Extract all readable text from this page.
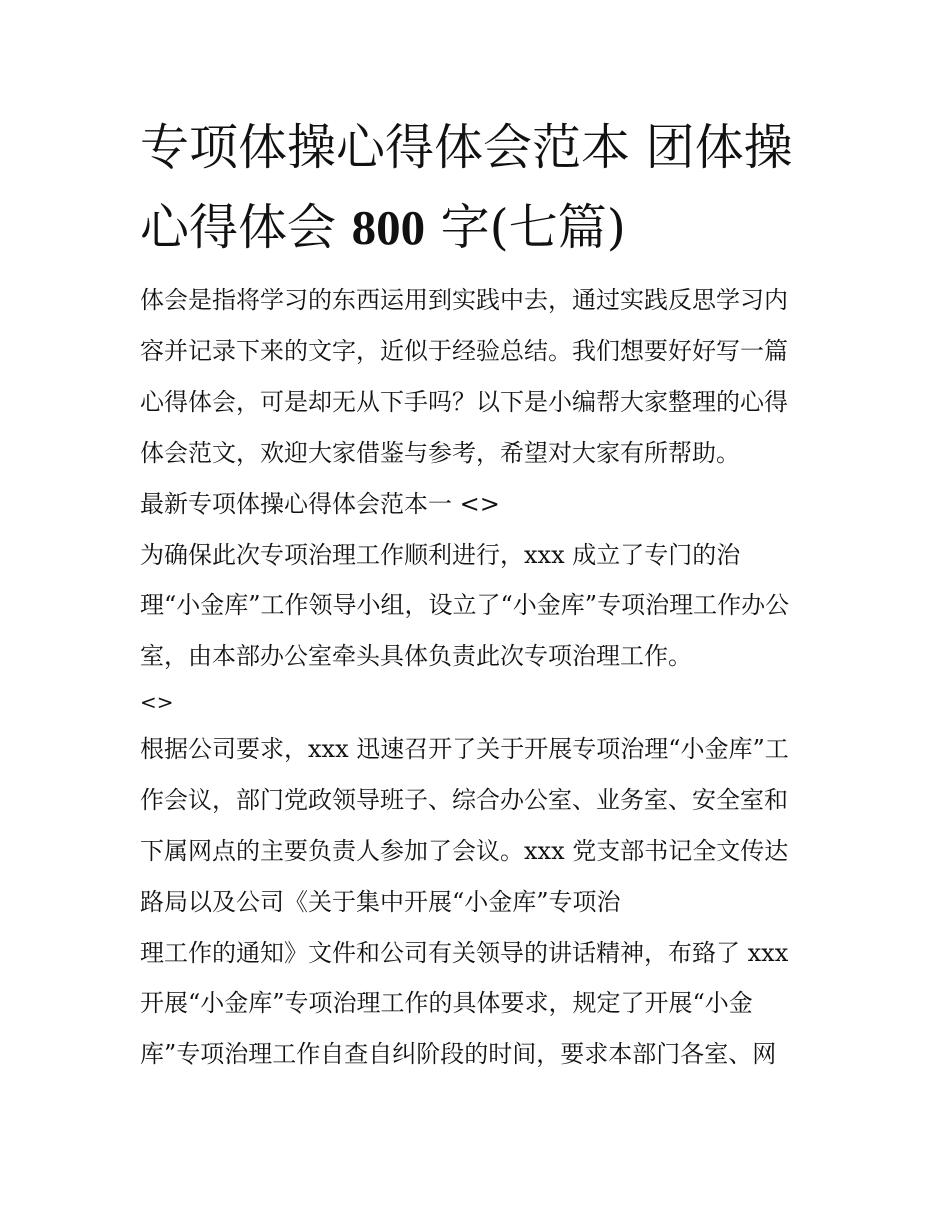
专项体操心得体会范本 团体操
心得体会 800 字(七篇)
体会是指将学习的东西运用到实践中去，通过实践反思学习内
容并记录下来的文字，近似于经验总结。我们想要好好写一篇
心得体会，可是却无从下手吗？以下是小编帮大家整理的心得
体会范文，欢迎大家借鉴与参考，希望对大家有所帮助。
最新专项体操心得体会范本一 <>
为确保此次专项治理工作顺利进行，xxx 成立了专门的治
理“小金库”工作领导小组，设立了“小金库”专项治理工作办公
室，由本部办公室牵头具体负责此次专项治理工作。
<>
根据公司要求，xxx 迅速召开了关于开展专项治理“小金库”工
作会议，部门党政领导班子、综合办公室、业务室、安全室和
下属网点的主要负责人参加了会议。xxx 党支部书记全文传达
路局以及公司《关于集中开展“小金库”专项治
理工作的通知》文件和公司有关领导的讲话精神，布臵了 xxx
开展“小金库”专项治理工作的具体要求，规定了开展“小金
库”专项治理工作自查自纠阶段的时间，要求本部门各室、网
